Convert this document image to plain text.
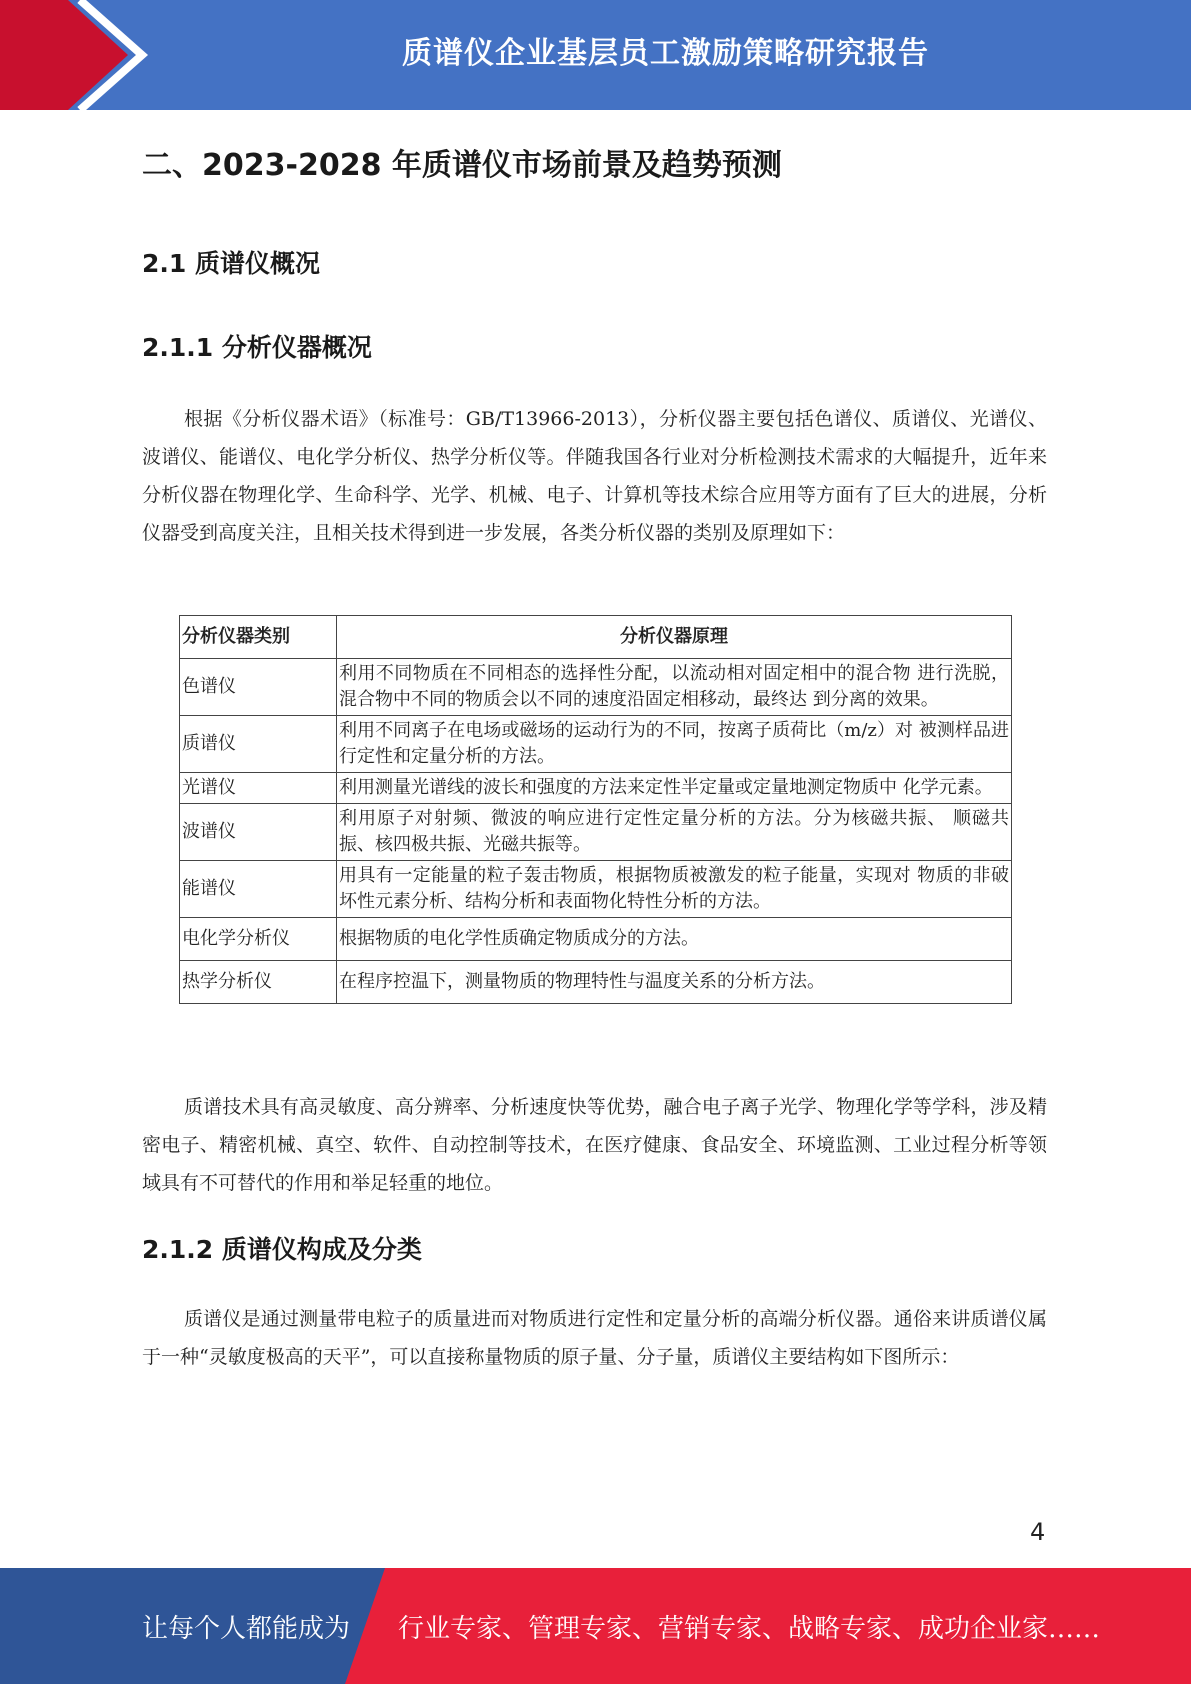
质谱仪企业基层员工激励策略研究报告
二、2023-2028 年质谱仪市场前景及趋势预测
2.1 质谱仪概况
2.1.1 分析仪器概况

根据《分析仪器术语》（标准号：GB/T13966-2013），分析仪器主要包括色谱仪、质谱仪、光谱仪、波谱仪、能谱仪、电化学分析仪、热学分析仪等。伴随我国各行业对分析检测技术需求的大幅提升，近年来分析仪器在物理化学、生命科学、光学、机械、电子、计算机等技术综合应用等方面有了巨大的进展，分析仪器受到高度关注，且相关技术得到进一步发展，各类分析仪器的类别及原理如下：

分析仪器类别	分析仪器原理
色谱仪	利用不同物质在不同相态的选择性分配，以流动相对固定相中的混合物 进行洗脱，混合物中不同的物质会以不同的速度沿固定相移动，最终达 到分离的效果。
质谱仪	利用不同离子在电场或磁场的运动行为的不同，按离子质荷比（m/z）对 被测样品进行定性和定量分析的方法。
光谱仪	利用测量光谱线的波长和强度的方法来定性半定量或定量地测定物质中 化学元素。
波谱仪	利用原子对射频、微波的响应进行定性定量分析的方法。分为核磁共振、 顺磁共振、核四极共振、光磁共振等。
能谱仪	用具有一定能量的粒子轰击物质，根据物质被激发的粒子能量，实现对 物质的非破坏性元素分析、结构分析和表面物化特性分析的方法。
电化学分析仪	根据物质的电化学性质确定物质成分的方法。
热学分析仪	在程序控温下，测量物质的物理特性与温度关系的分析方法。

质谱技术具有高灵敏度、高分辨率、分析速度快等优势，融合电子离子光学、物理化学等学科，涉及精密电子、精密机械、真空、软件、自动控制等技术，在医疗健康、食品安全、环境监测、工业过程分析等领域具有不可替代的作用和举足轻重的地位。

2.1.2 质谱仪构成及分类

质谱仪是通过测量带电粒子的质量进而对物质进行定性和定量分析的高端分析仪器。通俗来讲质谱仪属于一种“灵敏度极高的天平”，可以直接称量物质的原子量、分子量，质谱仪主要结构如下图所示：

4
让每个人都能成为 行业专家、管理专家、营销专家、战略专家、成功企业家……
